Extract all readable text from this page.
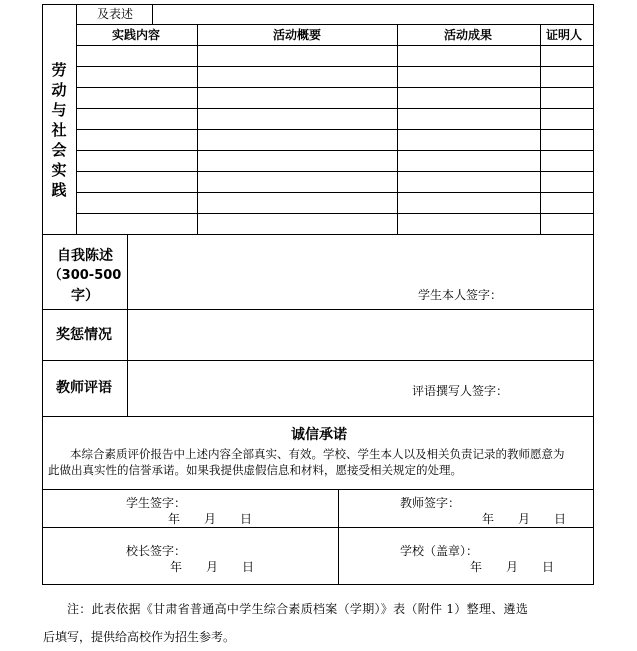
及表述
劳
动
与
社
会
实
践
实践内容	活动概要	活动成果	证明人
自我陈述
（300-500
字）	学生本人签字：
奖惩情况
教师评语	评语撰写人签字：
诚信承诺
本综合素质评价报告中上述内容全部真实、有效。学校、学生本人以及相关负责记录的教师愿意为
此做出真实性的信誉承诺。如果我提供虚假信息和材料，愿接受相关规定的处理。
学生签字：
年　　月　　日
教师签字：
年　　月　　日
校长签字：
年　　月　　日
学校（盖章）：
年　　月　　日
注：此表依据《甘肃省普通高中学生综合素质档案（学期）》表（附件 1）整理、遴选
后填写，提供给高校作为招生参考。
